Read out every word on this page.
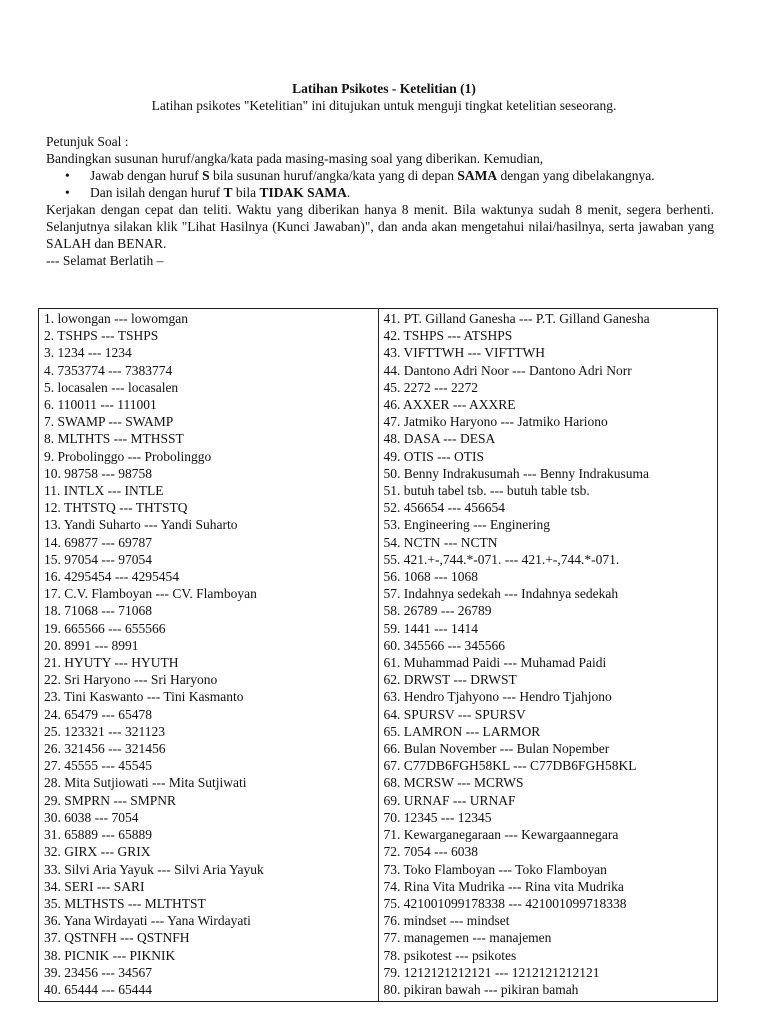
Latihan Psikotes - Ketelitian (1)
Latihan psikotes "Ketelitian" ini ditujukan untuk menguji tingkat ketelitian seseorang.

Petunjuk Soal :

Bandingkan susunan huruf/angka/kata pada masing-masing soal yang diberikan. Kemudian,

• Jawab dengan huruf S bila susunan huruf/angka/kata yang di depan SAMA dengan yang dibelakangnya.
• Dan isilah dengan huruf T bila TIDAK SAMA.

Kerjakan dengan cepat dan teliti. Waktu yang diberikan hanya 8 menit. Bila waktunya sudah 8 menit, segera berhenti. Selanjutnya silakan klik "Lihat Hasilnya (Kunci Jawaban)", dan anda akan mengetahui nilai/hasilnya, serta jawaban yang SALAH dan BENAR.

--- Selamat Berlatih –

1. lowongan --- lowomgan
2. TSHPS --- TSHPS
3. 1234 --- 1234
4. 7353774 --- 7383774
5. locasalen --- locasalen
6. 110011 --- 111001
7. SWAMP --- SWAMP
8. MLTHTS --- MTHSST
9. Probolinggo --- Probolinggo
10. 98758 --- 98758
11. INTLX --- INTLE
12. THTSTQ --- THTSTQ
13. Yandi Suharto --- Yandi Suharto
14. 69877 --- 69787
15. 97054 --- 97054
16. 4295454 --- 4295454
17. C.V. Flamboyan --- CV. Flamboyan
18. 71068 --- 71068
19. 665566 --- 655566
20. 8991 --- 8991
21. HYUTY --- HYUTH
22. Sri Haryono --- Sri Haryono
23. Tini Kaswanto --- Tini Kasmanto
24. 65479 --- 65478
25. 123321 --- 321123
26. 321456 --- 321456
27. 45555 --- 45545
28. Mita Sutjiowati --- Mita Sutjiwati
29. SMPRN --- SMPNR
30. 6038 --- 7054
31. 65889 --- 65889
32. GIRX --- GRIX
33. Silvi Aria Yayuk --- Silvi Aria Yayuk
34. SERI --- SARI
35. MLTHSTS --- MLTHTST
36. Yana Wirdayati --- Yana Wirdayati
37. QSTNFH --- QSTNFH
38. PICNIK --- PIKNIK
39. 23456 --- 34567
40. 65444 --- 65444
41. PT. Gilland Ganesha --- P.T. Gilland Ganesha
42. TSHPS --- ATSHPS
43. VIFTTWH --- VIFTTWH
44. Dantono Adri Noor --- Dantono Adri Norr
45. 2272 --- 2272
46. AXXER --- AXXRE
47. Jatmiko Haryono --- Jatmiko Hariono
48. DASA --- DESA
49. OTIS --- OTIS
50. Benny Indrakusumah --- Benny Indrakusuma
51. butuh tabel tsb. --- butuh table tsb.
52. 456654 --- 456654
53. Engineering --- Enginering
54. NCTN --- NCTN
55. 421.+-,744.*-071. --- 421.+-,744.*-071.
56. 1068 --- 1068
57. Indahnya sedekah --- Indahnya sedekah
58. 26789 --- 26789
59. 1441 --- 1414
60. 345566 --- 345566
61. Muhammad Paidi --- Muhamad Paidi
62. DRWST --- DRWST
63. Hendro Tjahyono --- Hendro Tjahjono
64. SPURSV --- SPURSV
65. LAMRON --- LARMOR
66. Bulan November --- Bulan Nopember
67. C77DB6FGH58KL --- C77DB6FGH58KL
68. MCRSW --- MCRWS
69. URNAF --- URNAF
70. 12345 --- 12345
71. Kewarganegaraan --- Kewargaannegara
72. 7054 --- 6038
73. Toko Flamboyan --- Toko Flamboyan
74. Rina Vita Mudrika --- Rina vita Mudrika
75. 421001099178338 --- 421001099718338
76. mindset --- mindset
77. managemen --- manajemen
78. psikotest --- psikotes
79. 1212121212121 --- 1212121212121
80. pikiran bawah --- pikiran bamah
